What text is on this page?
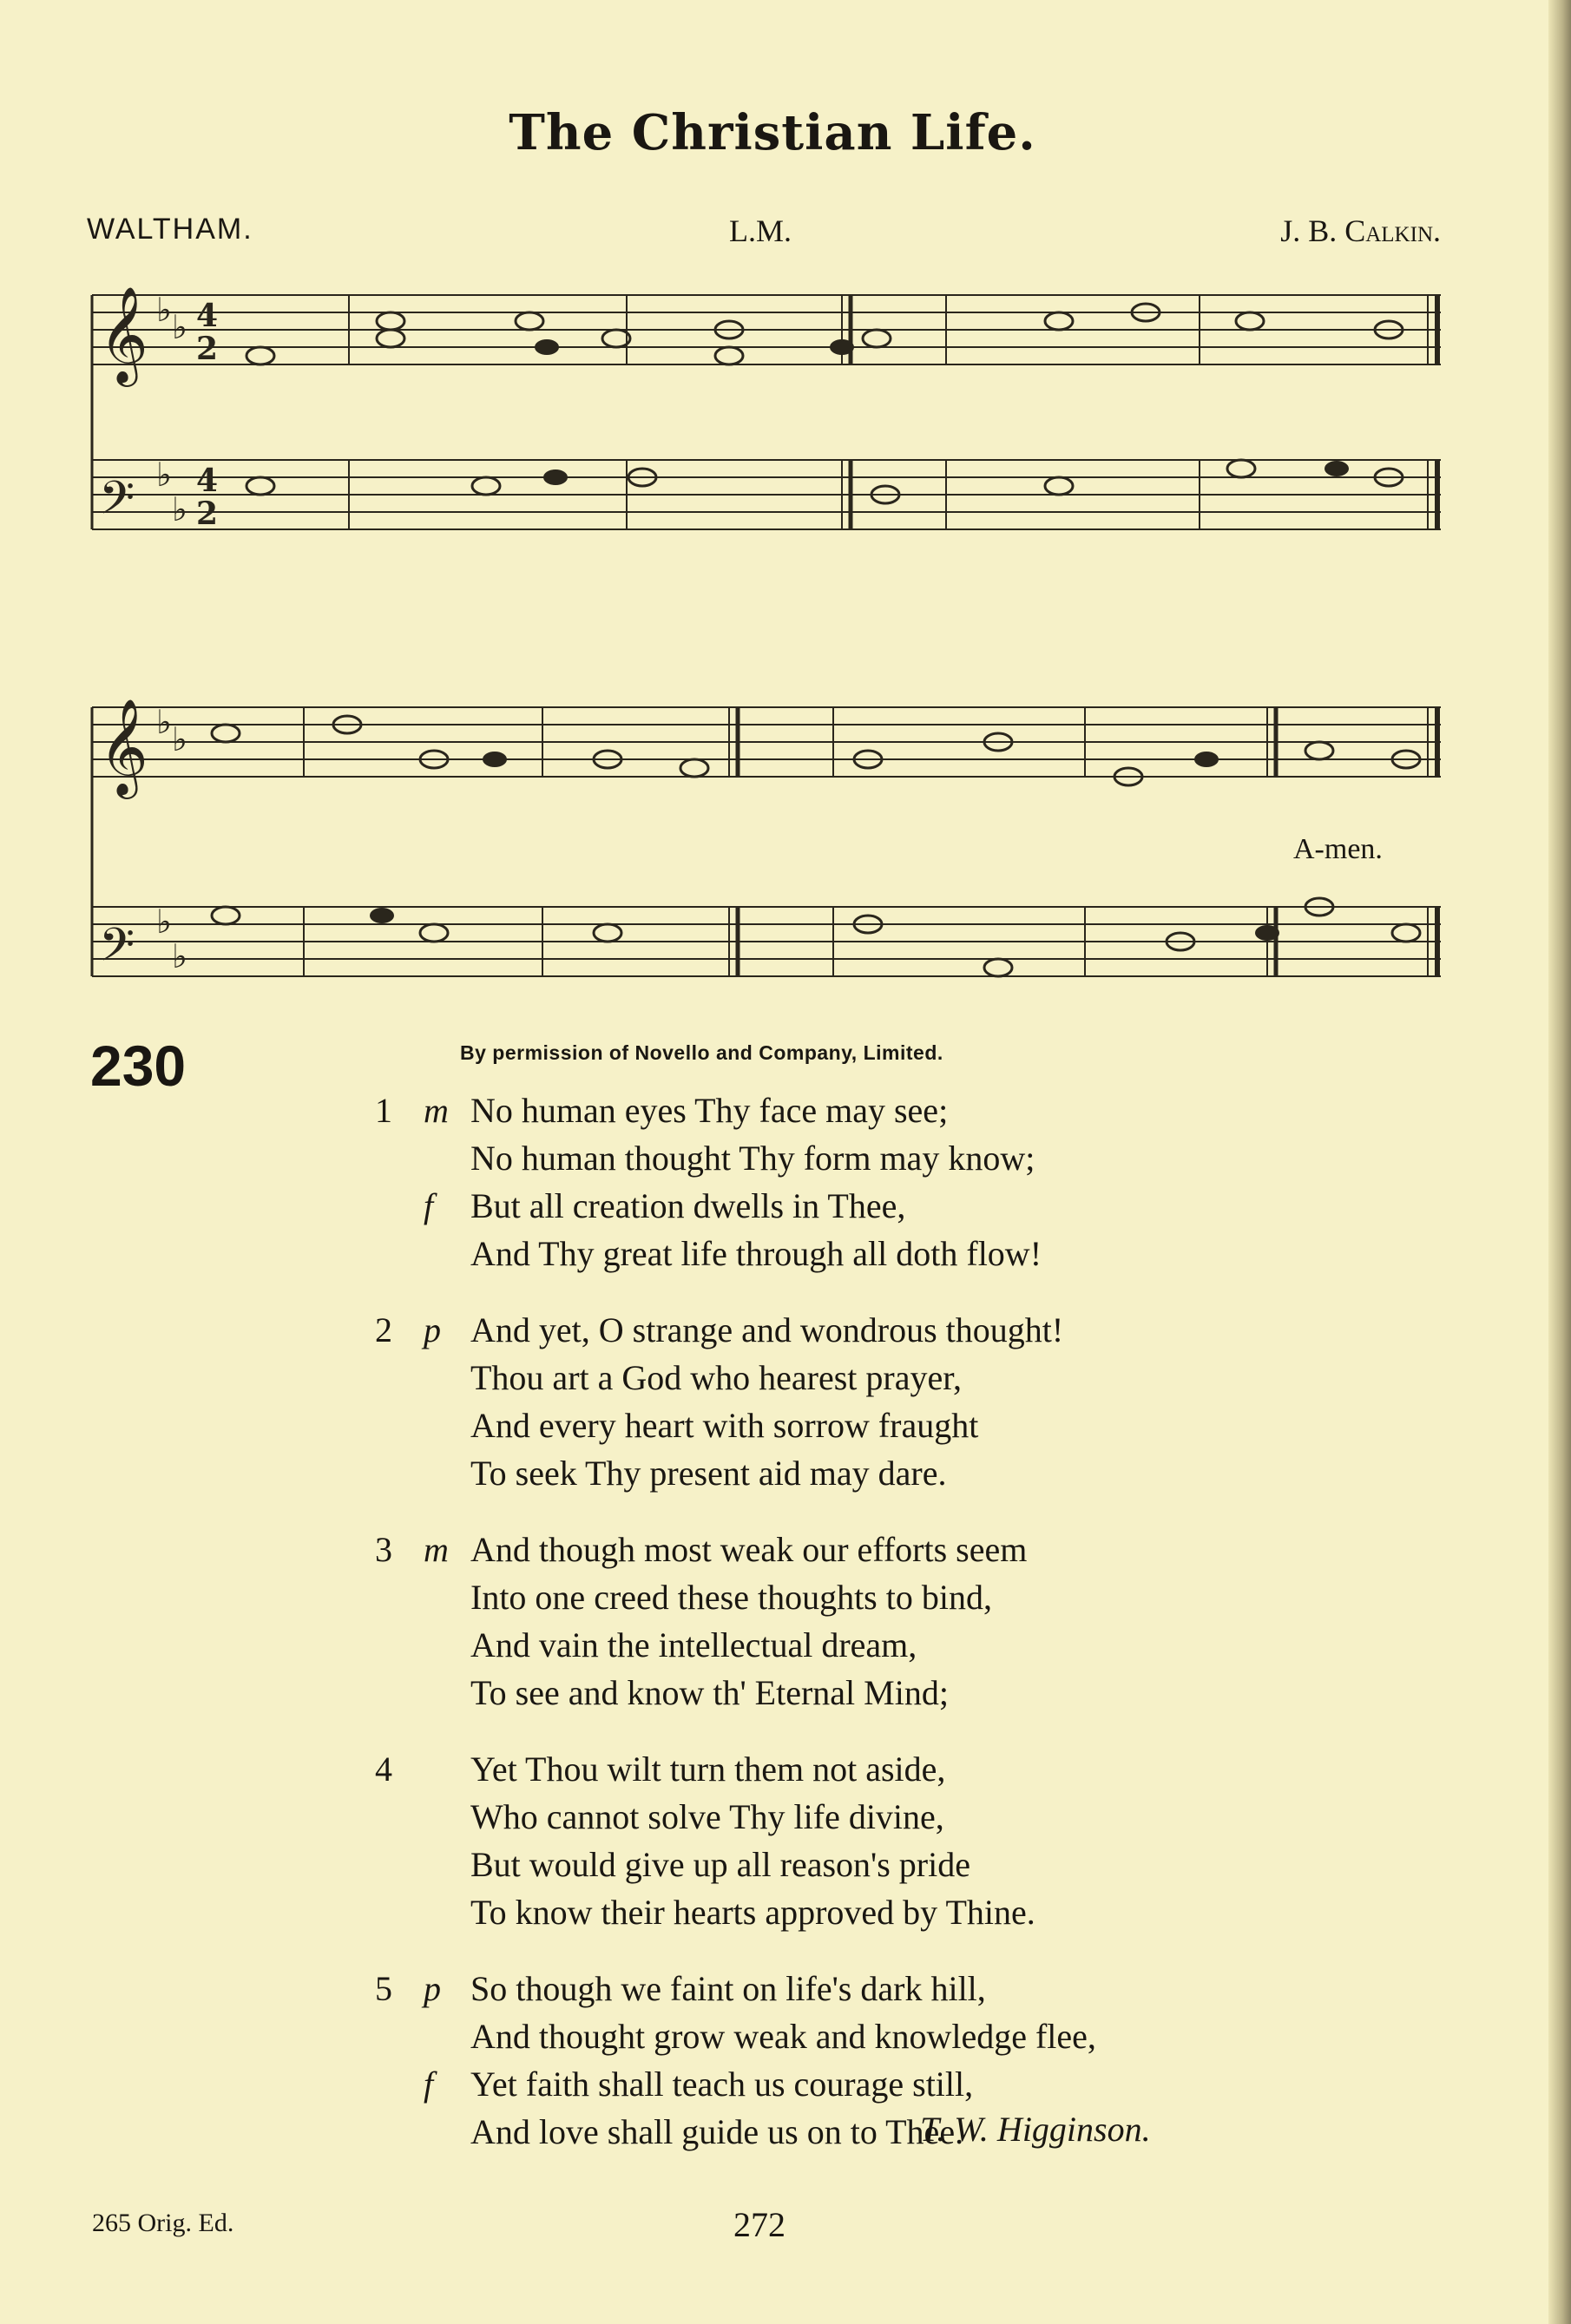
The Christian Life.
WALTHAM.	L.M.	J. B. Calkin.
𝄞
𝄢
♭ ♭
♭
♭
4
2
4
2
𝄞
𝄢
♭ ♭
♭
♭
A-men.
230	By permission of Novello and Company, Limited.
1 m No human eyes Thy face may see;
No human thought Thy form may know;
f But all creation dwells in Thee,
And Thy great life through all doth flow!
2 p And yet, O strange and wondrous thought!
Thou art a God who hearest prayer,
And every heart with sorrow fraught
To seek Thy present aid may dare.
3 m And though most weak our efforts seem
Into one creed these thoughts to bind,
And vain the intellectual dream,
To see and know th' Eternal Mind;
4 Yet Thou wilt turn them not aside,
Who cannot solve Thy life divine,
But would give up all reason's pride
To know their hearts approved by Thine.
5 p So though we faint on life's dark hill,
And thought grow weak and knowledge flee,
f Yet faith shall teach us courage still,
And love shall guide us on to Thee.
T. W. Higginson.
265 Orig. Ed.	272
